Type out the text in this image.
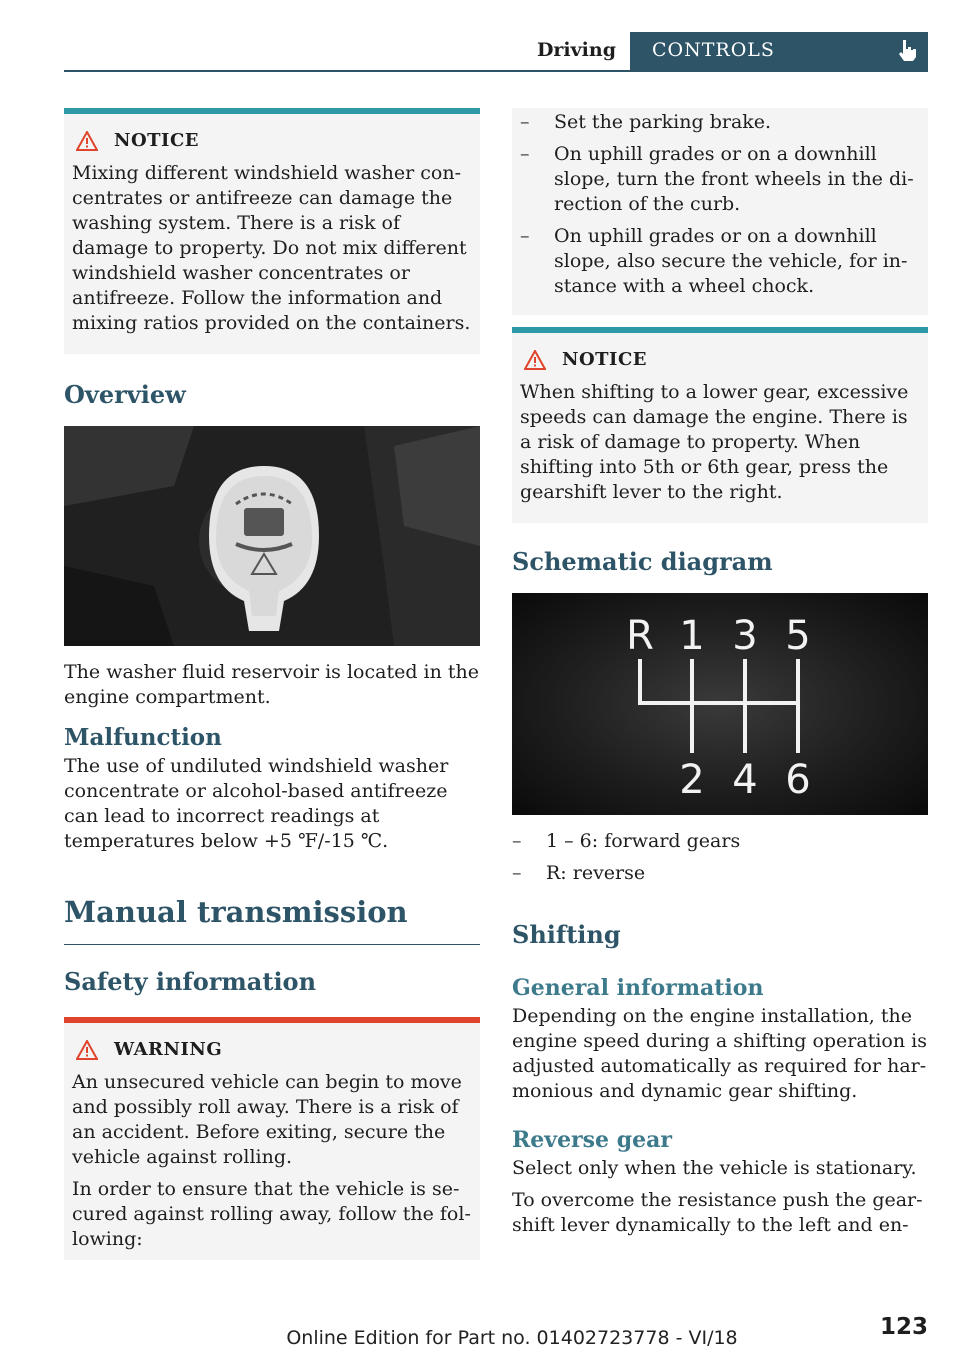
Driving	CONTROLS
NOTICE

Mixing different windshield washer concentrates or antifreeze can damage the washing system. There is a risk of damage to property. Do not mix different windshield washer concentrates or antifreeze. Follow the information and mixing ratios provided on the containers.

Overview

The washer fluid reservoir is located in the engine compartment.

Malfunction

The use of undiluted windshield washer concentrate or alcohol-based antifreeze can lead to incorrect readings at temperatures below +5 ℉/-15 ℃.

Manual transmission
Safety information
WARNING

An unsecured vehicle can begin to move and possibly roll away. There is a risk of an accident. Before exiting, secure the vehicle against rolling.

In order to ensure that the vehicle is secured against rolling away, follow the following:

– Set the parking brake.
– On uphill grades or on a downhill slope, turn the front wheels in the direction of the curb.
– On uphill grades or on a downhill slope, also secure the vehicle, for instance with a wheel chock.
NOTICE

When shifting to a lower gear, excessive speeds can damage the engine. There is a risk of damage to property. When shifting into 5th or 6th gear, press the gearshift lever to the right.

Schematic diagram
R 1 3 5
2 4 6
– 1 – 6: forward gears
– R: reverse
Shifting
General information

Depending on the engine installation, the engine speed during a shifting operation is adjusted automatically as required for harmonious and dynamic gear shifting.

Reverse gear

Select only when the vehicle is stationary.

To overcome the resistance push the gearshift lever dynamically to the left and en-

123
Online Edition for Part no. 01402723778 - VI/18
